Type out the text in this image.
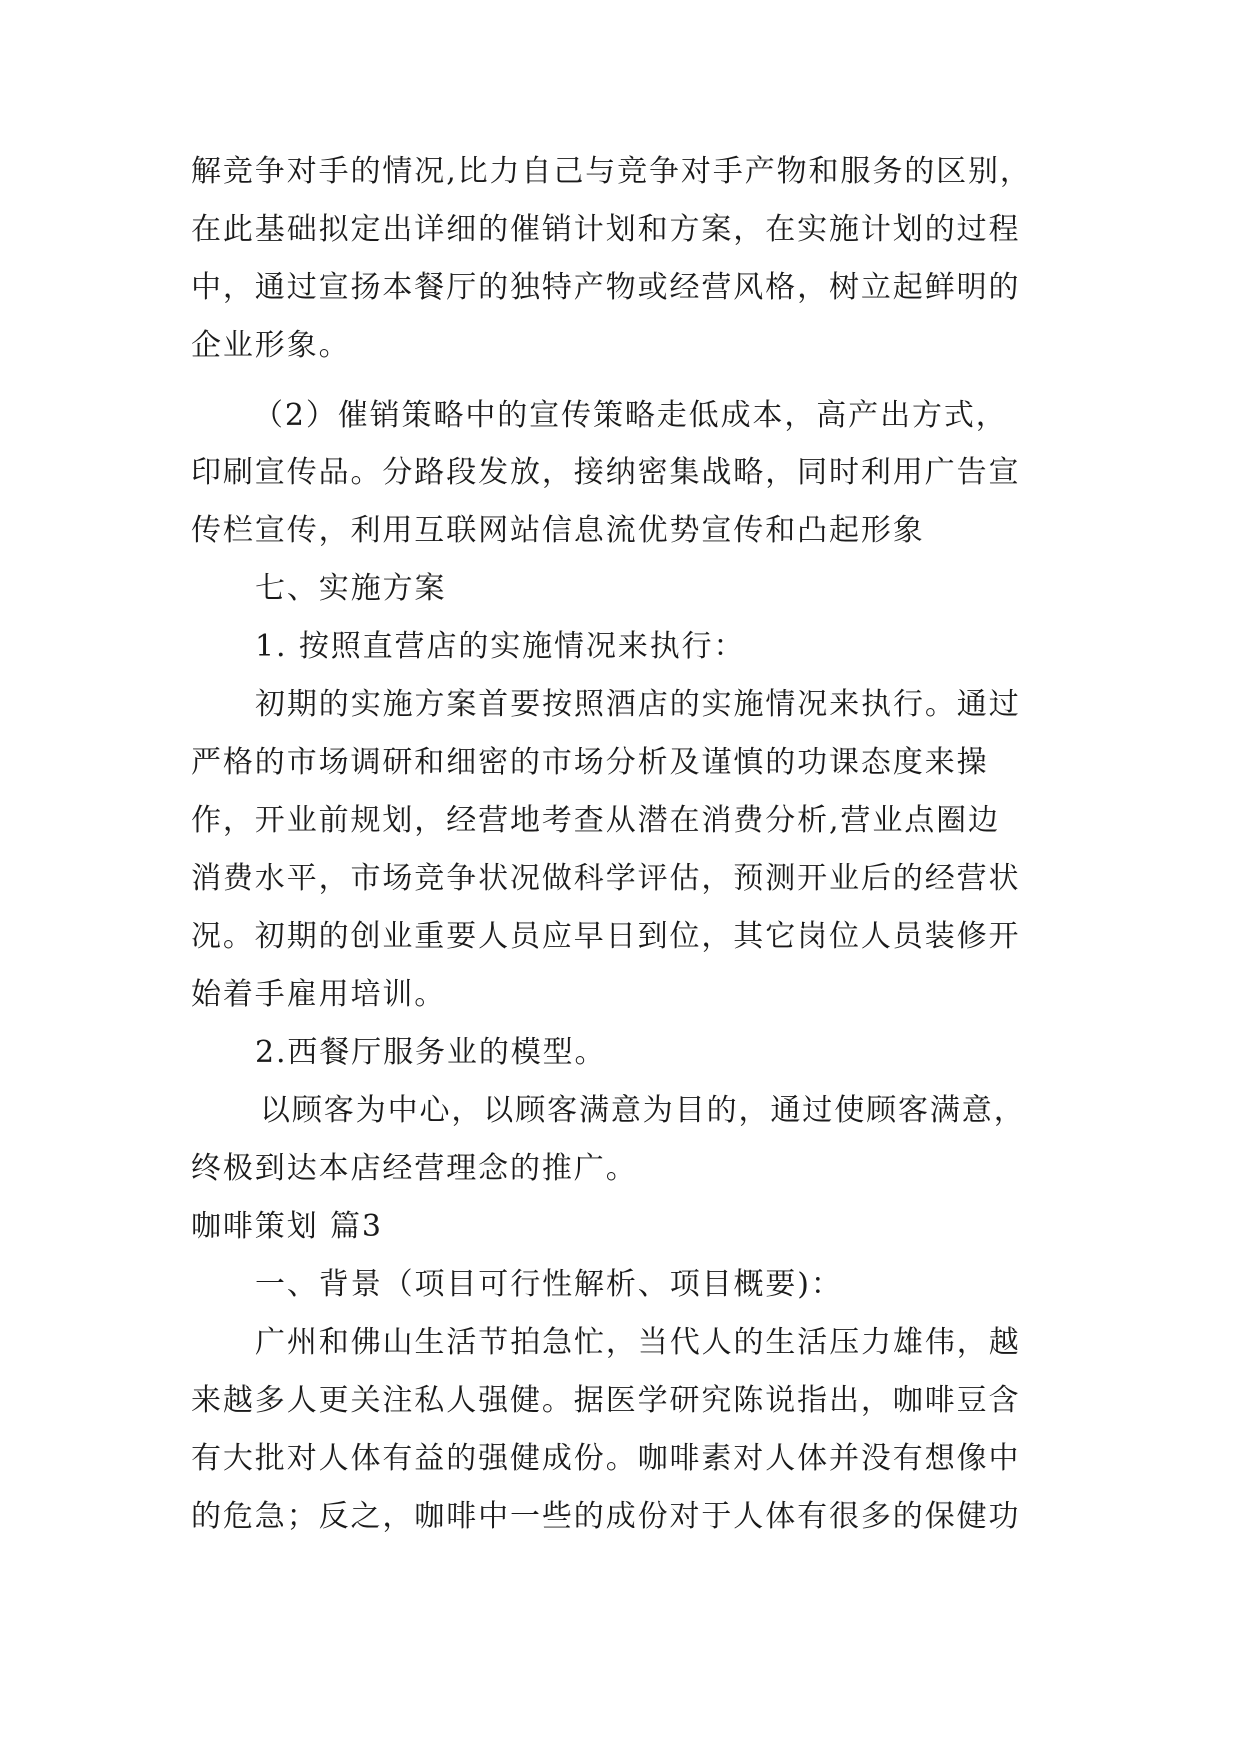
解竞争对手的情况,比力自己与竞争对手产物和服务的区别，
在此基础拟定出详细的催销计划和方案，在实施计划的过程
中，通过宣扬本餐厅的独特产物或经营风格，树立起鲜明的
企业形象。
（2）催销策略中的宣传策略走低成本，高产出方式，
印刷宣传品。分路段发放，接纳密集战略，同时利用广告宣
传栏宣传，利用互联网站信息流优势宣传和凸起形象
七、实施方案
1. 按照直营店的实施情况来执行：
初期的实施方案首要按照酒店的实施情况来执行。通过
严格的市场调研和细密的市场分析及谨慎的功课态度来操
作，开业前规划，经营地考查从潜在消费分析,营业点圈边
消费水平，市场竞争状况做科学评估，预测开业后的经营状
况。初期的创业重要人员应早日到位，其它岗位人员装修开
始着手雇用培训。
2.西餐厅服务业的模型。
以顾客为中心，以顾客满意为目的，通过使顾客满意，
终极到达本店经营理念的推广。
咖啡策划 篇3
一、背景（项目可行性解析、项目概要)：
广州和佛山生活节拍急忙，当代人的生活压力雄伟，越
来越多人更关注私人强健。据医学研究陈说指出，咖啡豆含
有大批对人体有益的强健成份。咖啡素对人体并没有想像中
的危急；反之，咖啡中一些的成份对于人体有很多的保健功
